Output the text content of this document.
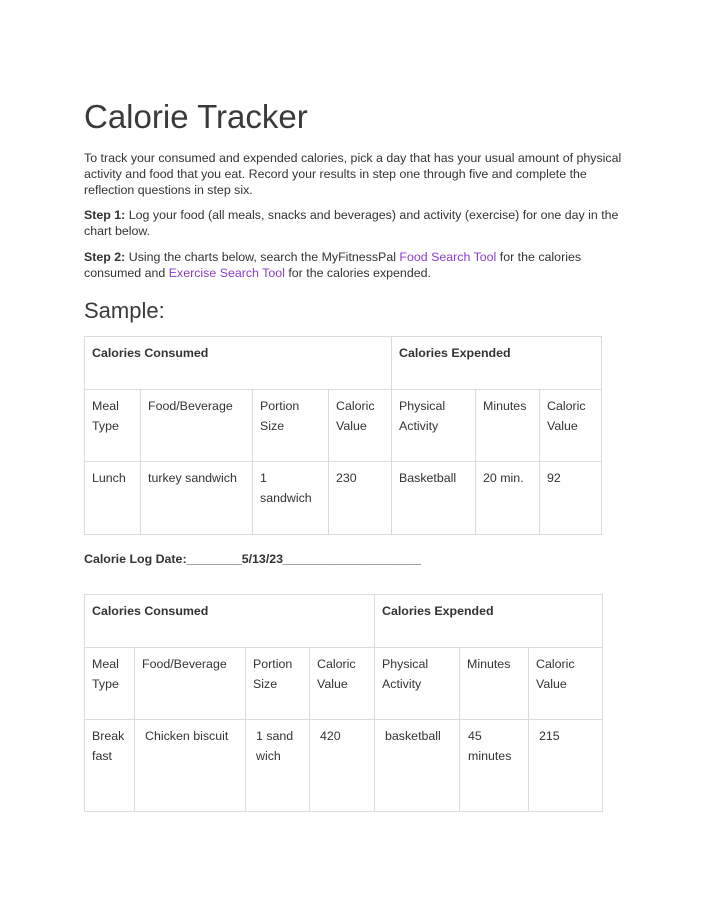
Calorie Tracker

To track your consumed and expended calories, pick a day that has your usual amount of physical activity and food that you eat. Record your results in step one through five and complete the reflection questions in step six.

Step 1: Log your food (all meals, snacks and beverages) and activity (exercise) for one day in the chart below.

Step 2: Using the charts below, search the MyFitnessPal Food Search Tool for the calories consumed and Exercise Search Tool for the calories expended.

Sample:
Calories Consumed				Calories Expended		
Meal Type	Food/Beverage	Portion Size	Caloric Value	Physical Activity	Minutes	Caloric Value
Lunch	turkey sandwich	1 sandwich	230	Basketball	20 min.	92

Calorie Log Date:________5/13/23____________________

Calories Consumed				Calories Expended		
Meal Type	Food/Beverage	Portion Size	Caloric Value	Physical Activity	Minutes	Caloric Value
Breakfast	Chicken biscuit	1 sandwich	420	basketball	45 minutes	215
